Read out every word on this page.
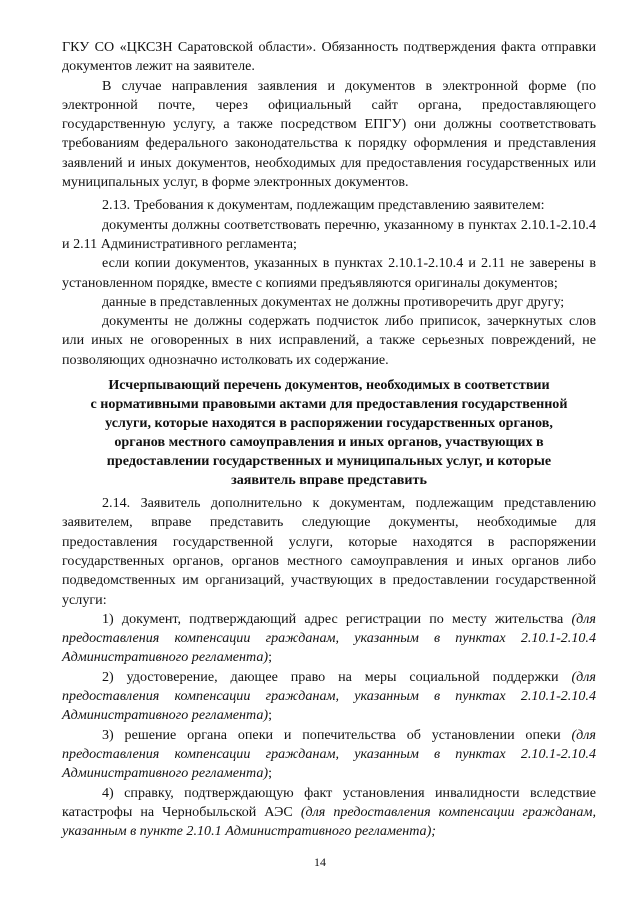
ГКУ СО «ЦКСЗН Саратовской области». Обязанность подтверждения факта отправки документов лежит на заявителе.

В случае направления заявления и документов в электронной форме (по электронной почте, через официальный сайт органа, предоставляющего государственную услугу, а также посредством ЕПГУ) они должны соответствовать требованиям федерального законодательства к порядку оформления и представления заявлений и иных документов, необходимых для предоставления государственных или муниципальных услуг, в форме электронных документов.

2.13. Требования к документам, подлежащим представлению заявителем:

документы должны соответствовать перечню, указанному в пунктах 2.10.1-2.10.4 и 2.11 Административного регламента;

если копии документов, указанных в пунктах 2.10.1-2.10.4 и 2.11 не заверены в установленном порядке, вместе с копиями предъявляются оригиналы документов;

данные в представленных документах не должны противоречить друг другу;

документы не должны содержать подчисток либо приписок, зачеркнутых слов или иных не оговоренных в них исправлений, а также серьезных повреждений, не позволяющих однозначно истолковать их содержание.

Исчерпывающий перечень документов, необходимых в соответствии
с нормативными правовыми актами для предоставления государственной
услуги, которые находятся в распоряжении государственных органов,
органов местного самоуправления и иных органов, участвующих в
предоставлении государственных и муниципальных услуг, и которые
заявитель вправе представить

2.14. Заявитель дополнительно к документам, подлежащим представлению заявителем, вправе представить следующие документы, необходимые для предоставления государственной услуги, которые находятся в распоряжении государственных органов, органов местного самоуправления и иных органов либо подведомственных им организаций, участвующих в предоставлении государственной услуги:

1) документ, подтверждающий адрес регистрации по месту жительства (для предоставления компенсации гражданам, указанным в пунктах 2.10.1-2.10.4 Административного регламента);

2) удостоверение, дающее право на меры социальной поддержки (для предоставления компенсации гражданам, указанным в пунктах 2.10.1-2.10.4 Административного регламента);

3) решение органа опеки и попечительства об установлении опеки (для предоставления компенсации гражданам, указанным в пунктах 2.10.1-2.10.4 Административного регламента);

4) справку, подтверждающую факт установления инвалидности вследствие катастрофы на Чернобыльской АЭС (для предоставления компенсации гражданам, указанным в пункте 2.10.1 Административного регламента);

14
